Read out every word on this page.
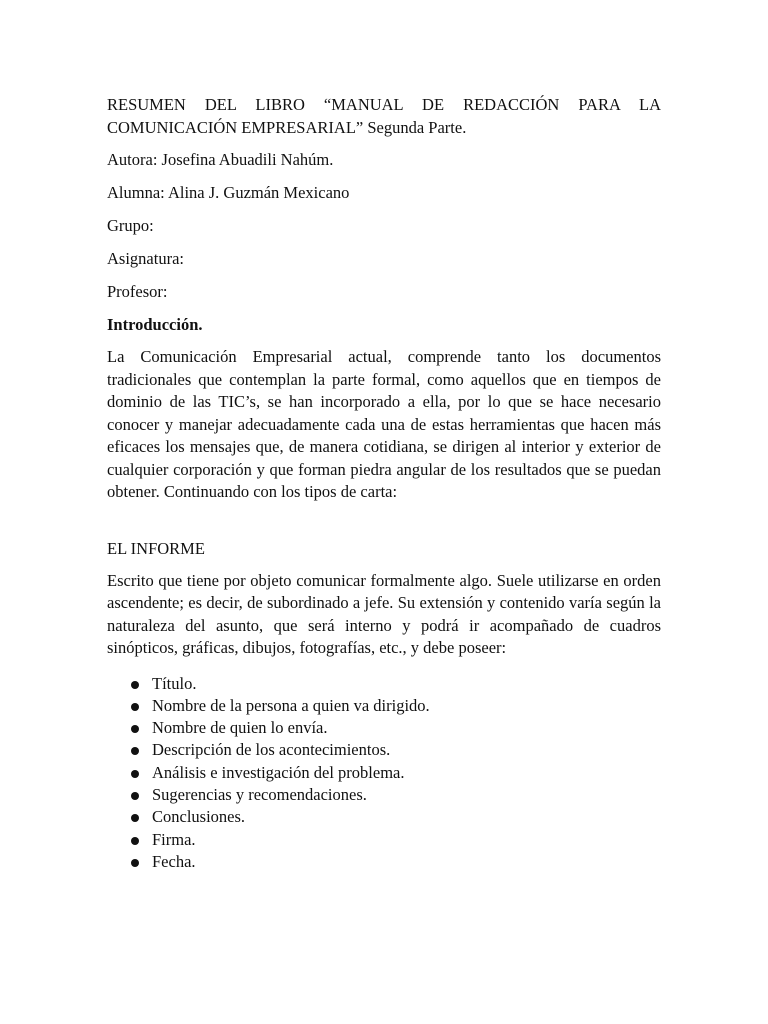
RESUMEN DEL LIBRO “MANUAL DE REDACCIÓN PARA LA
COMUNICACIÓN EMPRESARIAL” Segunda Parte.

Autora: Josefina Abuadili Nahúm.

Alumna: Alina J. Guzmán Mexicano

Grupo:

Asignatura:

Profesor:

Introducción.

La Comunicación Empresarial actual, comprende tanto los documentos tradicionales que contemplan la parte formal, como aquellos que en tiempos de dominio de las TIC’s, se han incorporado a ella, por lo que se hace necesario conocer y manejar adecuadamente cada una de estas herramientas que hacen más eficaces los mensajes que, de manera cotidiana, se dirigen al interior y exterior de cualquier corporación y que forman piedra angular de los resultados que se puedan obtener. Continuando con los tipos de carta:

EL INFORME

Escrito que tiene por objeto comunicar formalmente algo. Suele utilizarse en orden ascendente; es decir, de subordinado a jefe. Su extensión y contenido varía según la naturaleza del asunto, que será interno y podrá ir acompañado de cuadros sinópticos, gráficas, dibujos, fotografías, etc., y debe poseer:

Título.
Nombre de la persona a quien va dirigido.
Nombre de quien lo envía.
Descripción de los acontecimientos.
Análisis e investigación del problema.
Sugerencias y recomendaciones.
Conclusiones.
Firma.
Fecha.
